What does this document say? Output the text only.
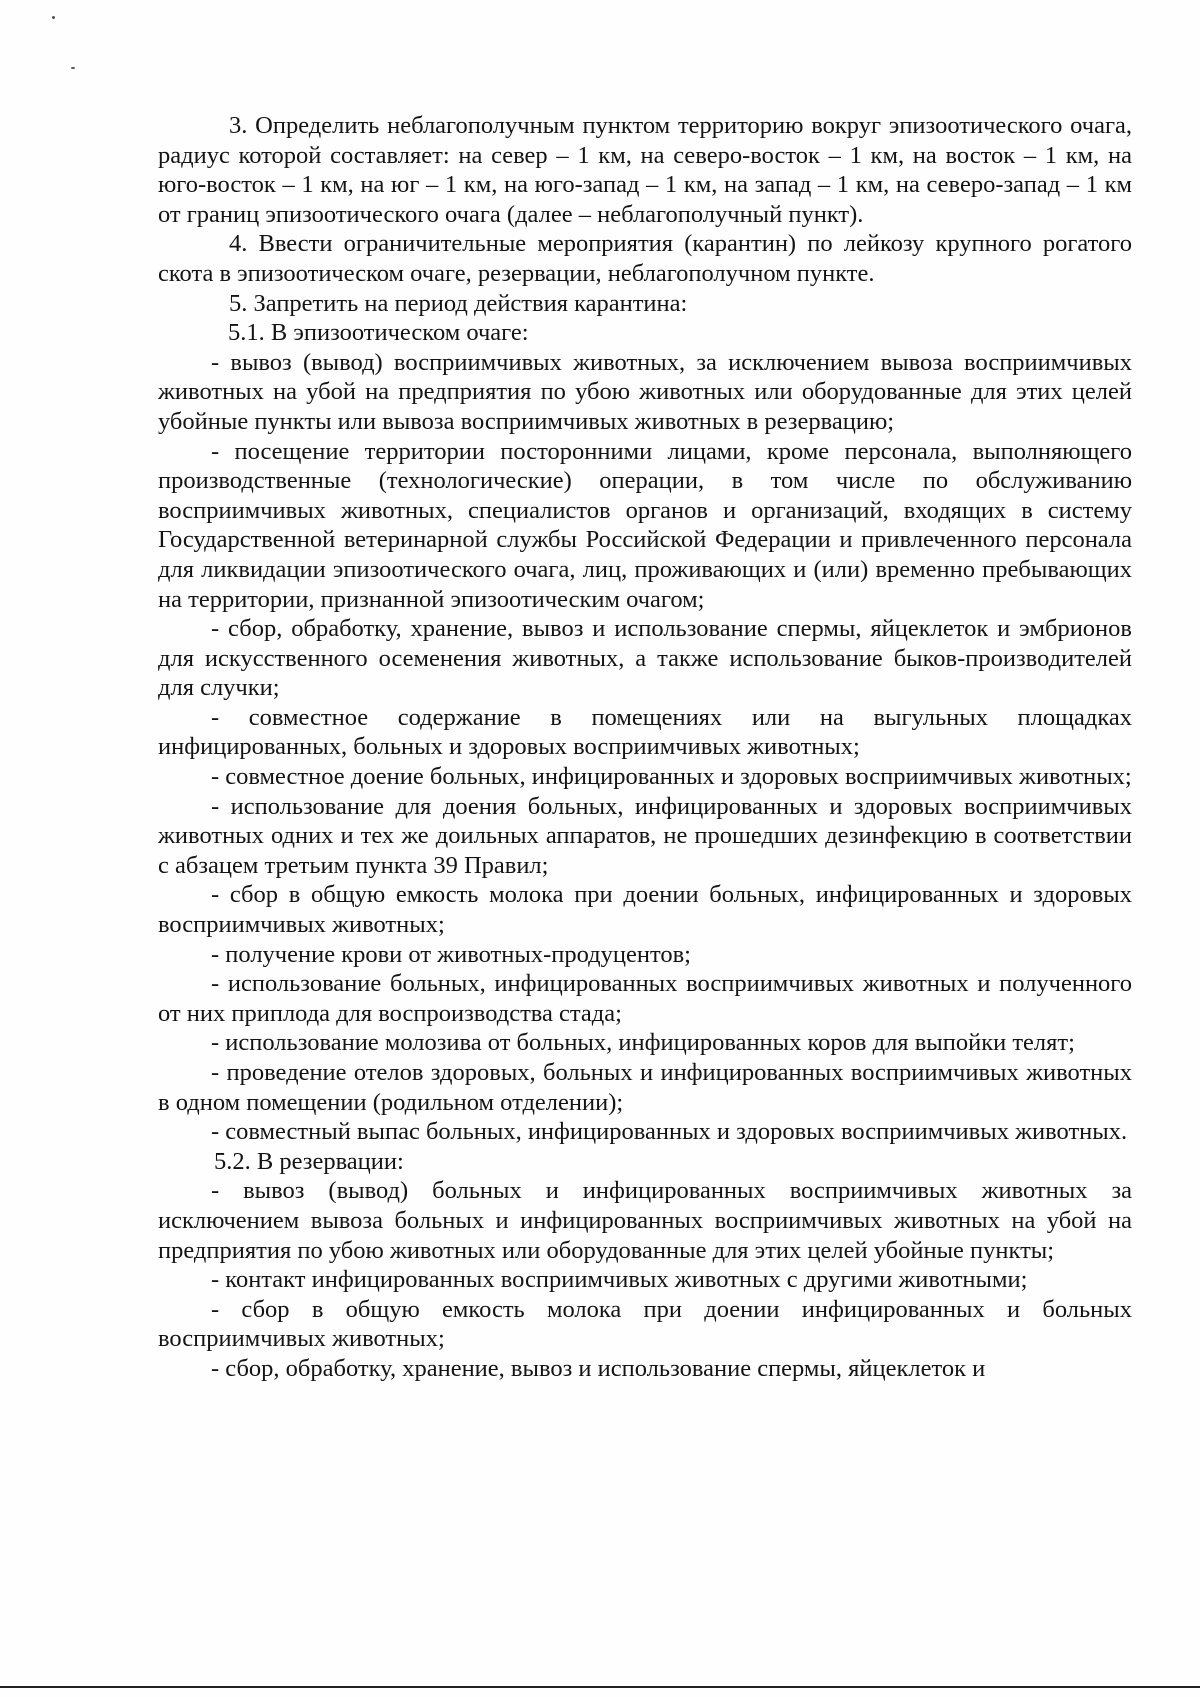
3. Определить неблагополучным пунктом территорию вокруг эпизоотического очага, радиус которой составляет: на север – 1 км, на северо-восток – 1 км, на восток – 1 км, на юго-восток – 1 км, на юг – 1 км, на юго-запад – 1 км, на запад – 1 км, на северо-запад – 1 км от границ эпизоотического очага (далее – неблагополучный пункт).

4. Ввести ограничительные мероприятия (карантин) по лейкозу крупного рогатого скота в эпизоотическом очаге, резервации, неблагополучном пункте.

5. Запретить на период действия карантина:

5.1. В эпизоотическом очаге:

- вывоз (вывод) восприимчивых животных, за исключением вывоза восприимчивых животных на убой на предприятия по убою животных или оборудованные для этих целей убойные пункты или вывоза восприимчивых животных в резервацию;

- посещение территории посторонними лицами, кроме персонала, выполняющего производственные (технологические) операции, в том числе по обслуживанию восприимчивых животных, специалистов органов и организаций, входящих в систему Государственной ветеринарной службы Российской Федерации и привлеченного персонала для ликвидации эпизоотического очага, лиц, проживающих и (или) временно пребывающих на территории, признанной эпизоотическим очагом;

- сбор, обработку, хранение, вывоз и использование спермы, яйцеклеток и эмбрионов для искусственного осеменения животных, а также использование быков-производителей для случки;

- совместное содержание в помещениях или на выгульных площадках инфицированных, больных и здоровых восприимчивых животных;

- совместное доение больных, инфицированных и здоровых восприимчивых животных;

- использование для доения больных, инфицированных и здоровых восприимчивых животных одних и тех же доильных аппаратов, не прошедших дезинфекцию в соответствии с абзацем третьим пункта 39 Правил;

- сбор в общую емкость молока при доении больных, инфицированных и здоровых восприимчивых животных;

- получение крови от животных-продуцентов;

- использование больных, инфицированных восприимчивых животных и полученного от них приплода для воспроизводства стада;

- использование молозива от больных, инфицированных коров для выпойки телят;

- проведение отелов здоровых, больных и инфицированных восприимчивых животных в одном помещении (родильном отделении);

- совместный выпас больных, инфицированных и здоровых восприимчивых животных.

5.2. В резервации:

- вывоз (вывод) больных и инфицированных восприимчивых животных за исключением вывоза больных и инфицированных восприимчивых животных на убой на предприятия по убою животных или оборудованные для этих целей убойные пункты;

- контакт инфицированных восприимчивых животных с другими животными;

- сбор в общую емкость молока при доении инфицированных и больных восприимчивых животных;

- сбор, обработку, хранение, вывоз и использование спермы, яйцеклеток и
